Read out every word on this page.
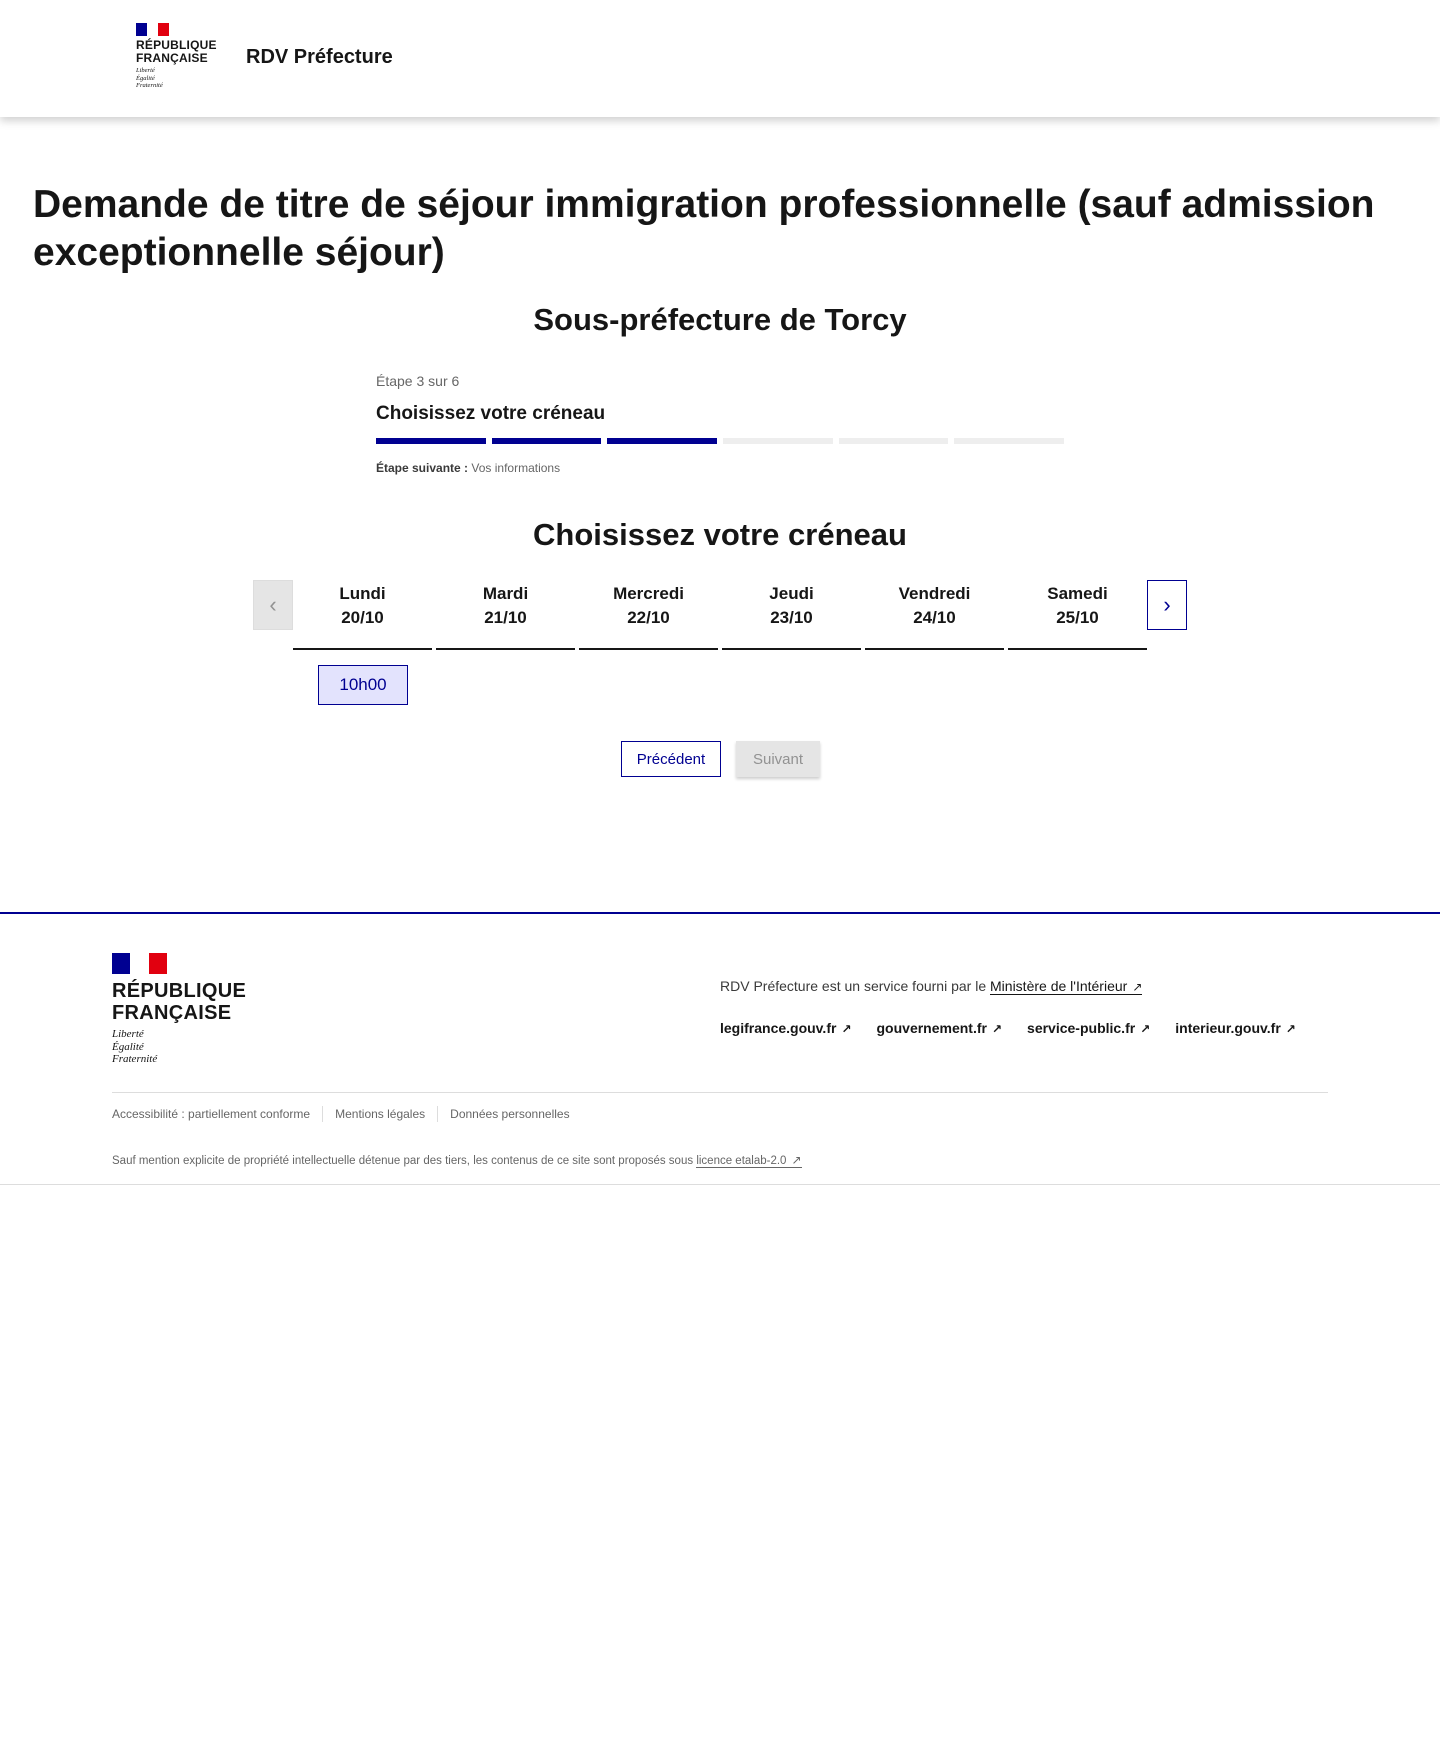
RÉPUBLIQUE
FRANÇAISE
Liberté
Égalité
Fraternité
RDV Préfecture
Demande de titre de séjour immigration professionnelle (sauf admission exceptionnelle séjour)
Sous-préfecture de Torcy
Étape 3 sur 6
Choisissez votre créneau
Étape suivante : Vos informations
Choisissez votre créneau
‹	Lundi
20/10
Mardi
21/10
Mercredi
22/10
Jeudi
23/10
Vendredi
24/10
Samedi
25/10
›
10h00
Précédent	Suivant
RÉPUBLIQUE
FRANÇAISE
Liberté
Égalité
Fraternité
RDV Préfecture est un service fourni par le Ministère de l'Intérieur ↗
legifrance.gouv.fr ↗ gouvernement.fr ↗ service-public.fr ↗ interieur.gouv.fr ↗
Accessibilité : partiellement conforme Mentions légales Données personnelles
Sauf mention explicite de propriété intellectuelle détenue par des tiers, les contenus de ce site sont proposés sous licence etalab-2.0 ↗
